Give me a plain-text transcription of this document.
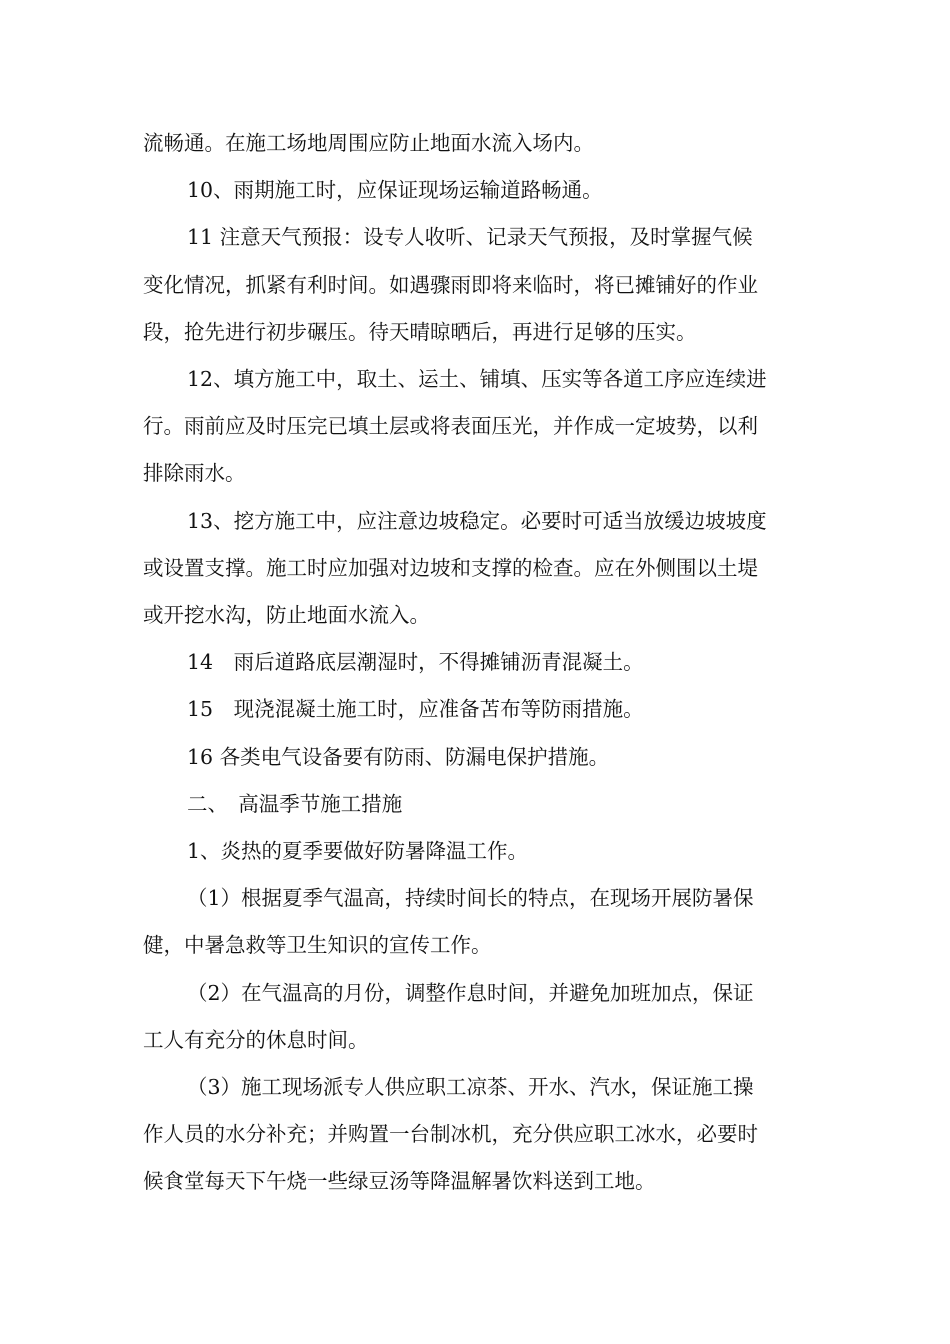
流畅通。在施工场地周围应防止地面水流入场内。

10、雨期施工时，应保证现场运输道路畅通。

11 注意天气预报：设专人收听、记录天气预报，及时掌握气候
变化情况，抓紧有利时间。如遇骤雨即将来临时，将已摊铺好的作业
段，抢先进行初步碾压。待天晴晾晒后，再进行足够的压实。

12、填方施工中，取土、运土、铺填、压实等各道工序应连续进
行。雨前应及时压完已填土层或将表面压光，并作成一定坡势，以利
排除雨水。

13、挖方施工中，应注意边坡稳定。必要时可适当放缓边坡坡度
或设置支撑。施工时应加强对边坡和支撑的检查。应在外侧围以土堤
或开挖水沟，防止地面水流入。

14　雨后道路底层潮湿时，不得摊铺沥青混凝土。

15　现浇混凝土施工时，应准备苫布等防雨措施。

16 各类电气设备要有防雨、防漏电保护措施。

二、　高温季节施工措施

1、炎热的夏季要做好防暑降温工作。

（1）根据夏季气温高，持续时间长的特点，在现场开展防暑保
健，中暑急救等卫生知识的宣传工作。

（2）在气温高的月份，调整作息时间，并避免加班加点，保证
工人有充分的休息时间。

（3）施工现场派专人供应职工凉茶、开水、汽水，保证施工操
作人员的水分补充；并购置一台制冰机，充分供应职工冰水，必要时
候食堂每天下午烧一些绿豆汤等降温解暑饮料送到工地。
